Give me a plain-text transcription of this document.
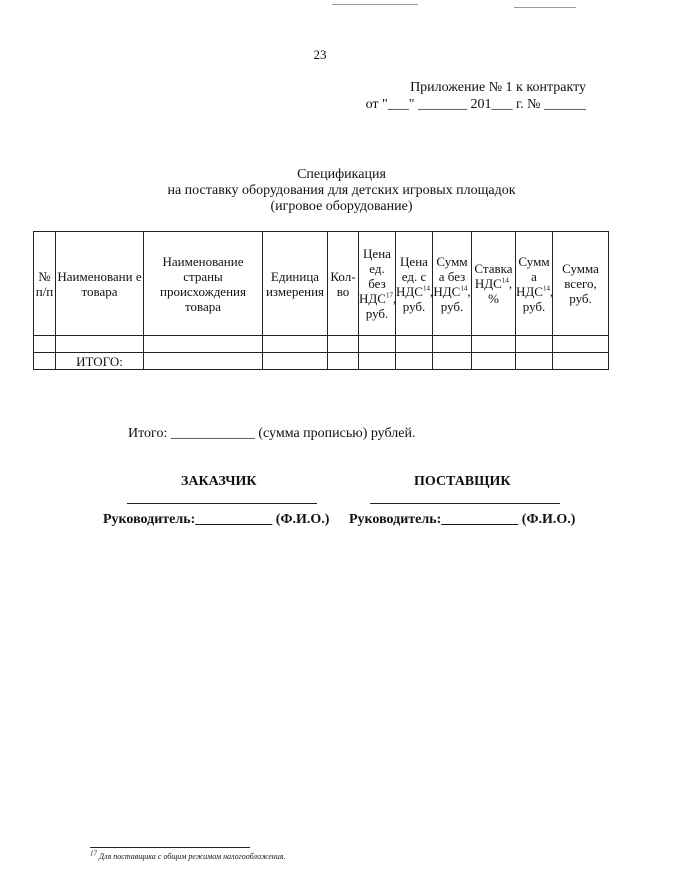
23
Приложение № 1 к контракту
от "___" _______ 201___ г. № ______
Спецификация
на поставку оборудования для детских игровых площадок
(игровое оборудование)
№ п/п	Наименовани е товара	Наименование страны происхождения товара	Единица измерения	Кол-во	Цена ед. без НДС$^{17}$, руб.	Цена ед. с НДС$^{14}$, руб.	Сумм а без НДС$^{14}$, руб.	Ставка НДС$^{14}$, %	Сумм а НДС$^{14}$, руб.	Сумма всего, руб.

	ИТОГО:									
Итого: ____________ (сумма прописью) рублей.
ЗАКАЗЧИК	ПОСТАВЩИК
Руководитель:___________ (Ф.И.О.) Руководитель:___________ (Ф.И.О.)
$^{17}$ Для поставщика с общим режимом налогообложения.
